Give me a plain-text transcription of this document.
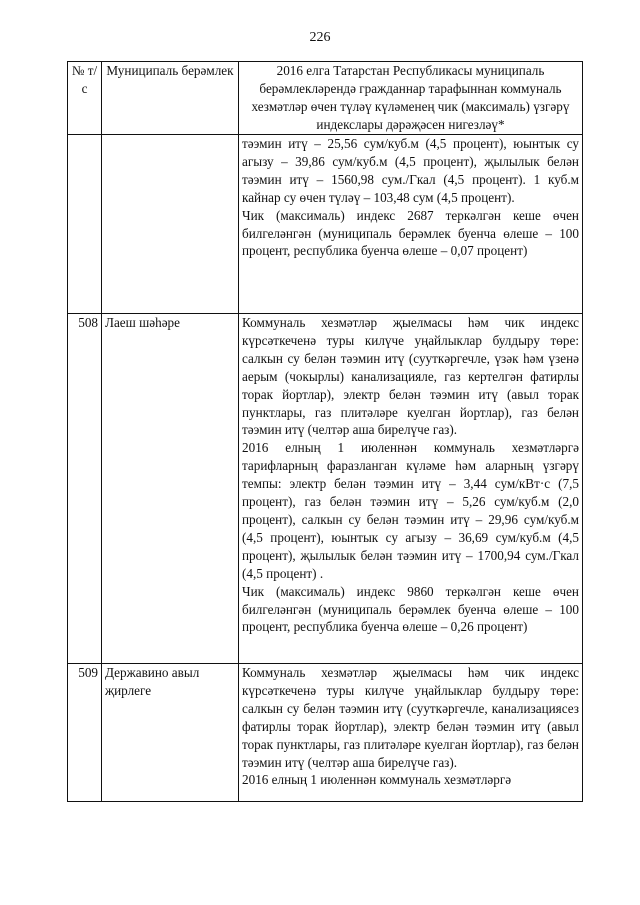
226
№ т/с	Муниципаль берәмлек	2016 елга Татарстан Республикасы муниципаль берәмлекләрендә гражданнар тарафыннан коммуналь хезмәтләр өчен түләү күләменең чик (максималь) үзгәрү индекслары дәрәҗәсен нигезләү*

		тәэмин итү – 25,56 сум/куб.м (4,5 процент), юынтык су агызу – 39,86 сум/куб.м (4,5 процент), җылылык белән тәэмин итү – 1560,98 сум./Гкал (4,5 процент). 1 куб.м кайнар су өчен түләү – 103,48 сум (4,5 процент).
Чик (максималь) индекс 2687 теркәлгән кеше өчен билгеләнгән (муниципаль берәмлек буенча өлеше – 100 процент, республика буенча өлеше – 0,07 процент)

508	Лаеш шәһәре	Коммуналь хезмәтләр җыелмасы һәм чик индекс күрсәткеченә туры килүче уңайлыклар булдыру төре: салкын су белән тәэмин итү (сууткәргечле, үзәк һәм үзенә аерым (чокырлы) канализацияле, газ кертелгән фатирлы торак йортлар), электр белән тәэмин итү (авыл торак пунктлары, газ плитәләре куелган йортлар), газ белән тәэмин итү (челтәр аша бирелүче газ).
2016 елның 1 июленнән коммуналь хезмәтләргә тарифларның фаразланган күләме һәм аларның үзгәрү темпы: электр белән тәэмин итү – 3,44 сум/кВт·с (7,5 процент), газ белән тәэмин итү – 5,26 сум/куб.м (2,0 процент), салкын су белән тәэмин итү – 29,96 сум/куб.м (4,5 процент), юынтык су агызу – 36,69 сум/куб.м (4,5 процент), җылылык белән тәэмин итү – 1700,94 сум./Гкал (4,5 процент) .
Чик (максималь) индекс 9860 теркәлгән кеше өчен билгеләнгән (муниципаль берәмлек буенча өлеше – 100 процент, республика буенча өлеше – 0,26 процент)

509	Державино авыл җирлеге	Коммуналь хезмәтләр җыелмасы һәм чик индекс күрсәткеченә туры килүче уңайлыклар булдыру төре: салкын су белән тәэмин итү (сууткәргечле, канализациясез фатирлы торак йортлар), электр белән тәэмин итү (авыл торак пунктлары, газ плитәләре куелган йортлар), газ белән тәэмин итү (челтәр аша бирелүче газ).
2016 елның 1 июленнән коммуналь хезмәтләргә
